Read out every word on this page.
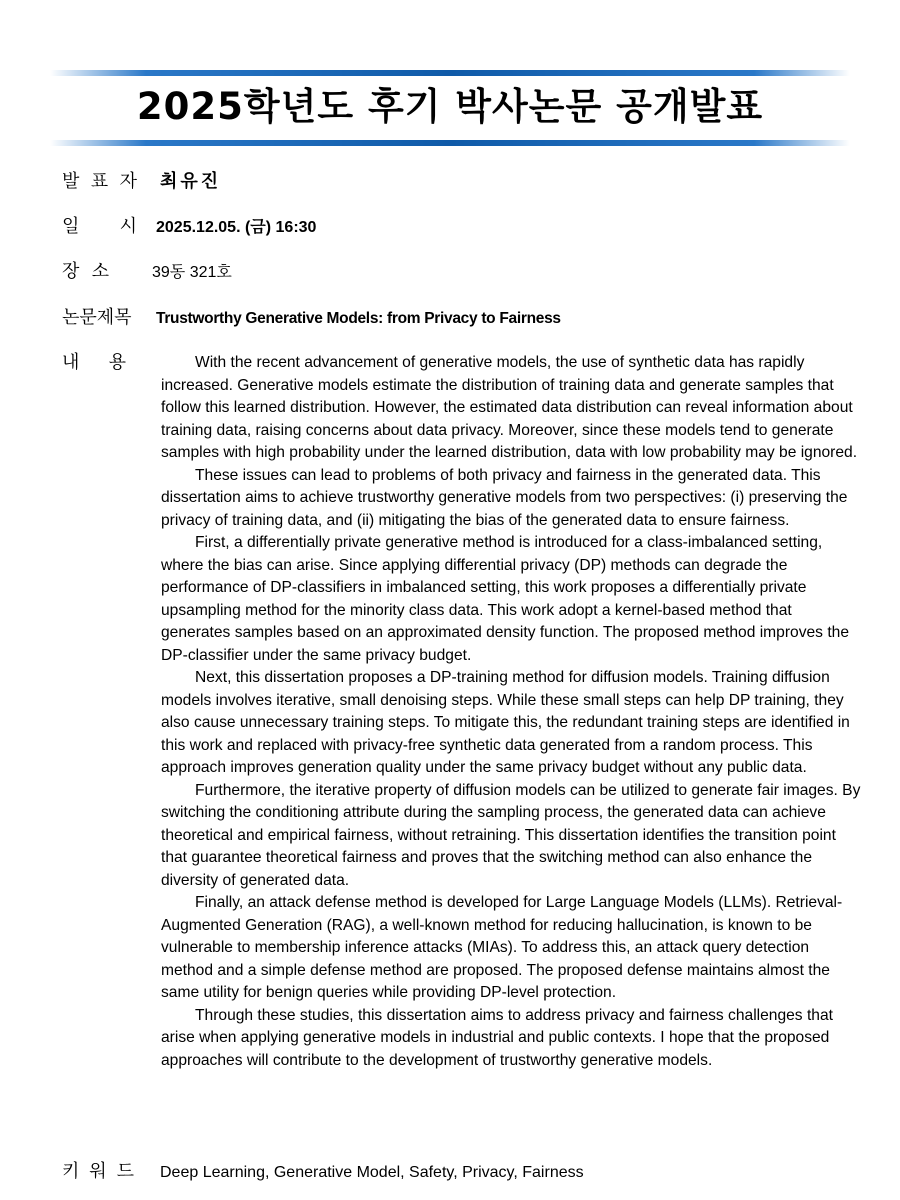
2025학년도 후기 박사논문 공개발표
발 표 자 최유진
일 시 2025.12.05. (금) 16:30
장 소	39동 321호
논문제목	Trustworthy Generative Models: from Privacy to Fairness
내 용	With the recent advancement of generative models, the use of synthetic data has rapidly increased. Generative models estimate the distribution of training data and generate samples that follow this learned distribution. However, the estimated data distribution can reveal information about training data, raising concerns about data privacy. Moreover, since these models tend to generate samples with high probability under the learned distribution, data with low probability may be ignored.

These issues can lead to problems of both privacy and fairness in the generated data. This dissertation aims to achieve trustworthy generative models from two perspectives: (i) preserving the privacy of training data, and (ii) mitigating the bias of the generated data to ensure fairness.

First, a differentially private generative method is introduced for a class-imbalanced setting, where the bias can arise. Since applying differential privacy (DP) methods can degrade the performance of DP-classifiers in imbalanced setting, this work proposes a differentially private upsampling method for the minority class data. This work adopt a kernel-based method that generates samples based on an approximated density function. The proposed method improves the DP-classifier under the same privacy budget.

Next, this dissertation proposes a DP-training method for diffusion models. Training diffusion models involves iterative, small denoising steps. While these small steps can help DP training, they also cause unnecessary training steps. To mitigate this, the redundant training steps are identified in this work and replaced with privacy-free synthetic data generated from a random process. This approach improves generation quality under the same privacy budget without any public data.

Furthermore, the iterative property of diffusion models can be utilized to generate fair images. By switching the conditioning attribute during the sampling process, the generated data can achieve theoretical and empirical fairness, without retraining. This dissertation identifies the transition point that guarantee theoretical fairness and proves that the switching method can also enhance the diversity of generated data.

Finally, an attack defense method is developed for Large Language Models (LLMs). Retrieval-Augmented Generation (RAG), a well-known method for reducing hallucination, is known to be vulnerable to membership inference attacks (MIAs). To address this, an attack query detection method and a simple defense method are proposed. The proposed defense maintains almost the same utility for benign queries while providing DP-level protection.

Through these studies, this dissertation aims to address privacy and fairness challenges that arise when applying generative models in industrial and public contexts. I hope that the proposed approaches will contribute to the development of trustworthy generative models.

키 워 드 Deep Learning, Generative Model, Safety, Privacy, Fairness
